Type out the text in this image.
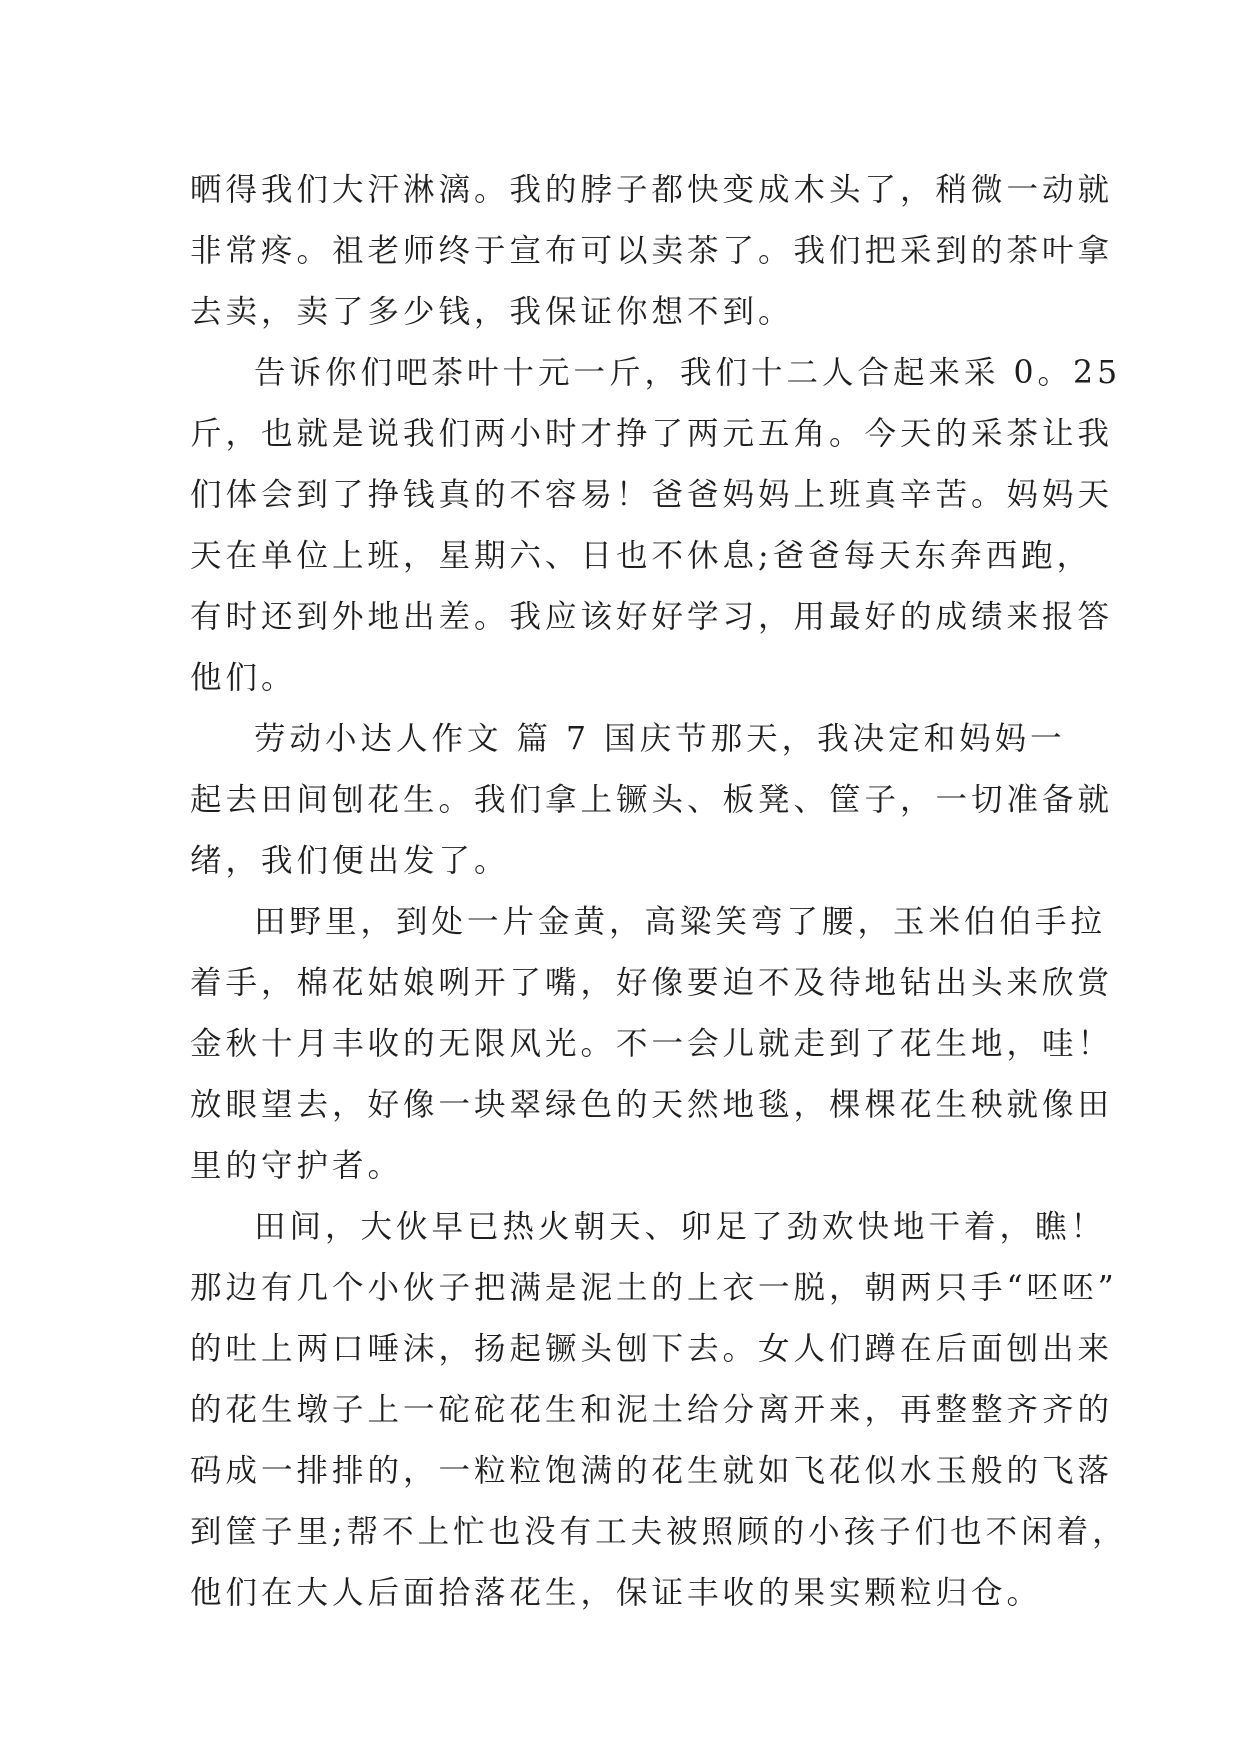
晒得我们大汗淋漓。我的脖子都快变成木头了，稍微一动就
非常疼。祖老师终于宣布可以卖茶了。我们把采到的茶叶拿
去卖，卖了多少钱，我保证你想不到。
告诉你们吧茶叶十元一斤，我们十二人合起来采 0。25
斤，也就是说我们两小时才挣了两元五角。今天的采茶让我
们体会到了挣钱真的不容易！爸爸妈妈上班真辛苦。妈妈天
天在单位上班，星期六、日也不休息;爸爸每天东奔西跑，
有时还到外地出差。我应该好好学习，用最好的成绩来报答
他们。
劳动小达人作文 篇 7 国庆节那天，我决定和妈妈一
起去田间刨花生。我们拿上镢头、板凳、筐子，一切准备就
绪，我们便出发了。
田野里，到处一片金黄，高粱笑弯了腰，玉米伯伯手拉
着手，棉花姑娘咧开了嘴，好像要迫不及待地钻出头来欣赏
金秋十月丰收的无限风光。不一会儿就走到了花生地，哇！
放眼望去，好像一块翠绿色的天然地毯，棵棵花生秧就像田
里的守护者。
田间，大伙早已热火朝天、卯足了劲欢快地干着，瞧！
那边有几个小伙子把满是泥土的上衣一脱，朝两只手“呸呸”
的吐上两口唾沫，扬起镢头刨下去。女人们蹲在后面刨出来
的花生墩子上一砣砣花生和泥土给分离开来，再整整齐齐的
码成一排排的，一粒粒饱满的花生就如飞花似水玉般的飞落
到筐子里;帮不上忙也没有工夫被照顾的小孩子们也不闲着，
他们在大人后面拾落花生，保证丰收的果实颗粒归仓。
